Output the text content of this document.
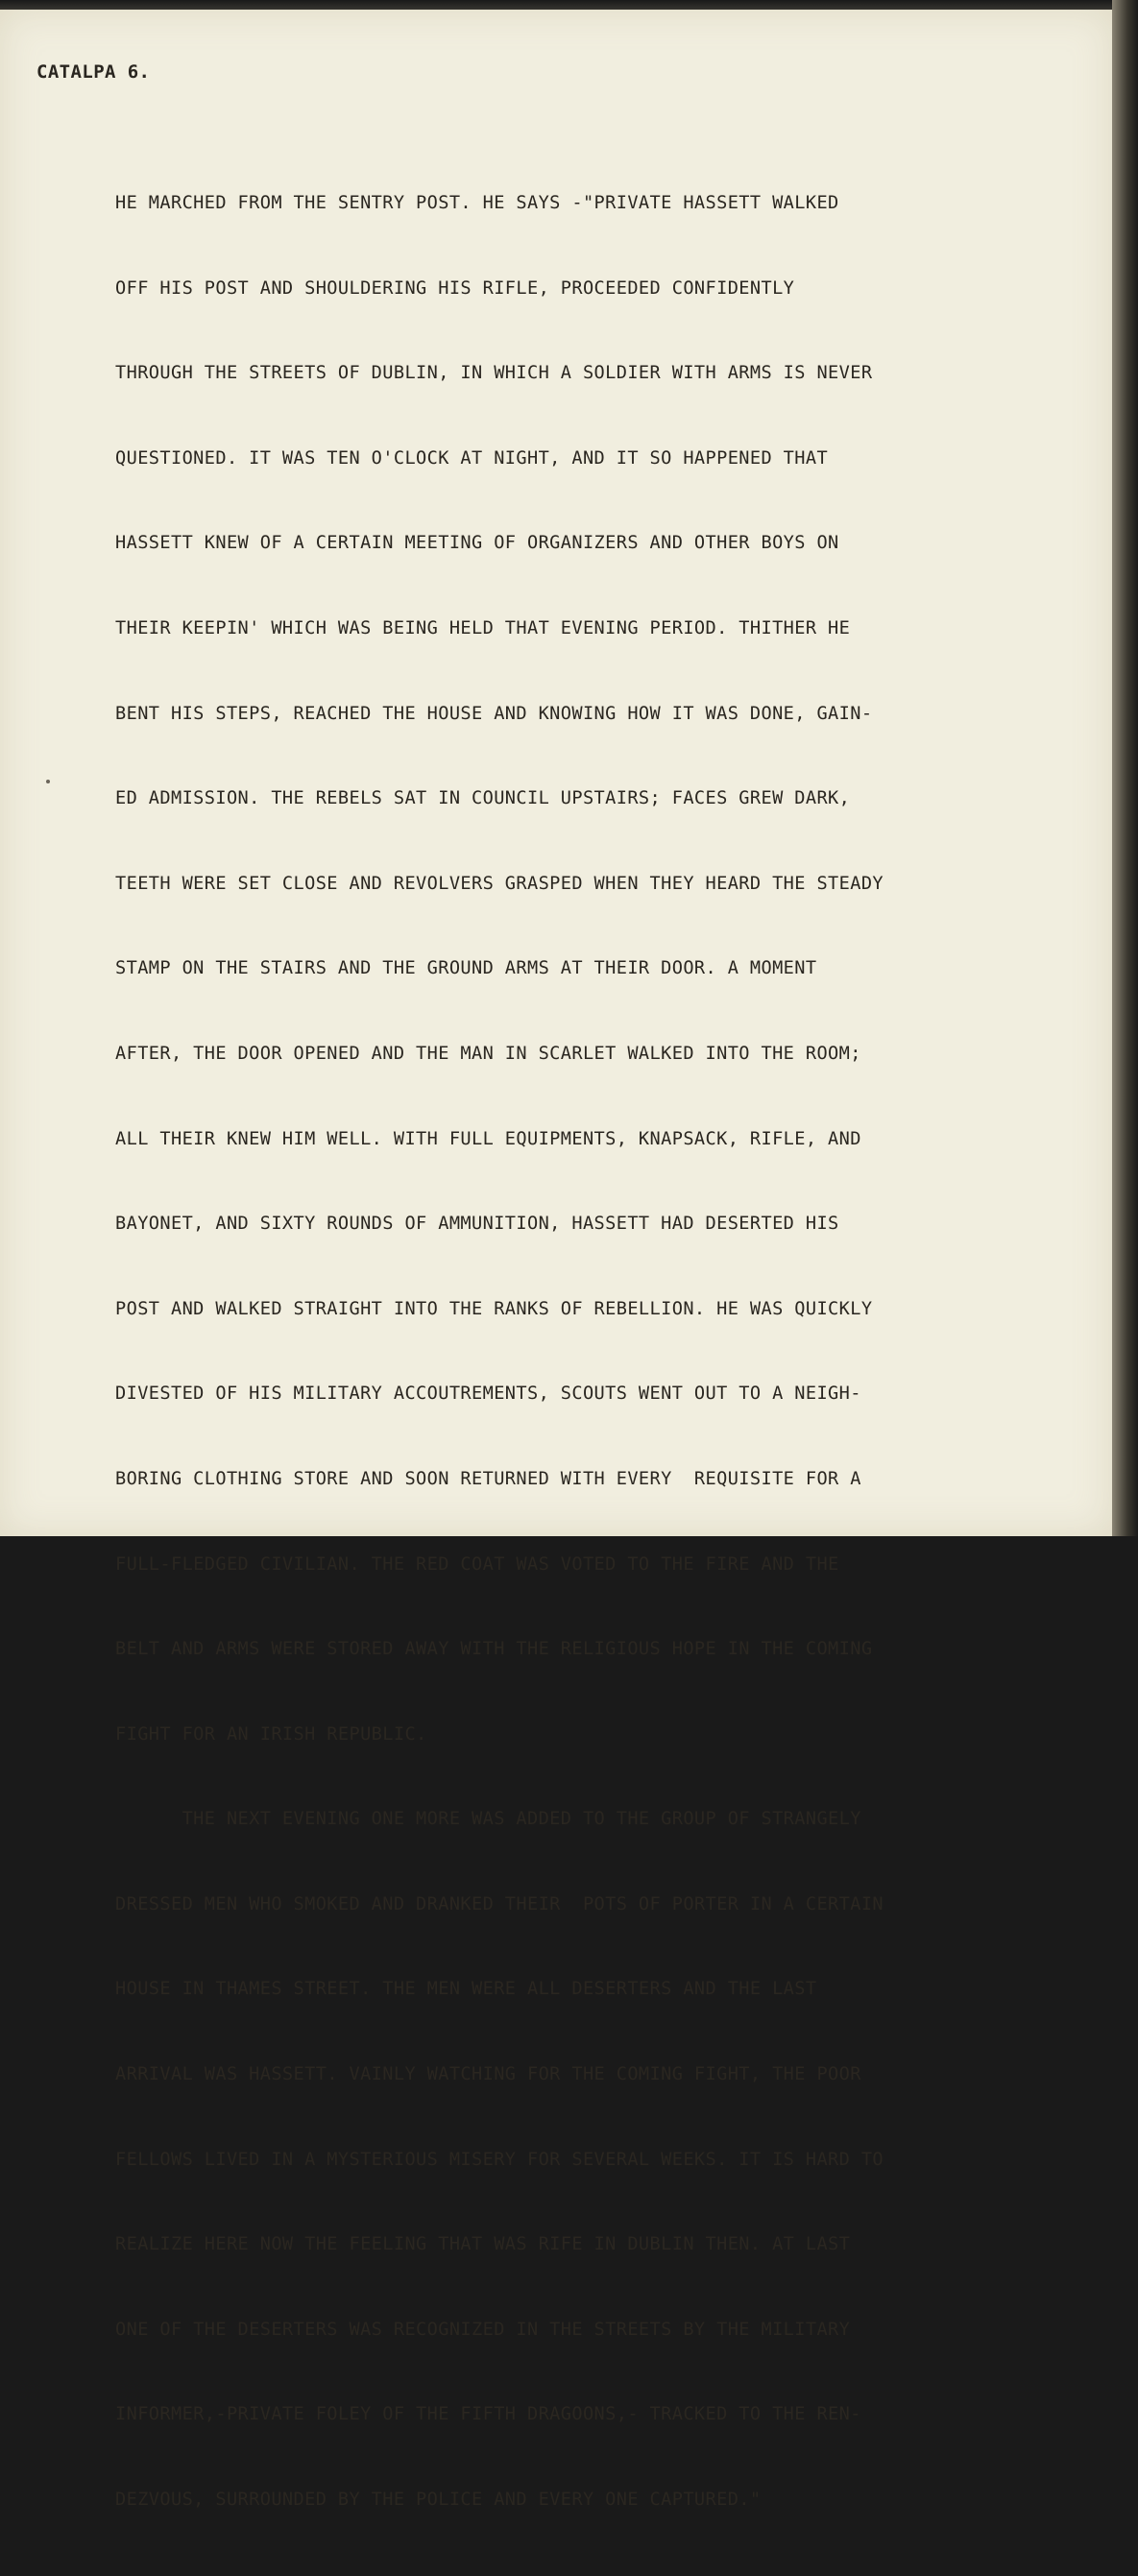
CATALPA 6.

HE MARCHED FROM THE SENTRY POST. HE SAYS -"PRIVATE HASSETT WALKED

OFF HIS POST AND SHOULDERING HIS RIFLE, PROCEEDED CONFIDENTLY

THROUGH THE STREETS OF DUBLIN, IN WHICH A SOLDIER WITH ARMS IS NEVER

QUESTIONED. IT WAS TEN O'CLOCK AT NIGHT, AND IT SO HAPPENED THAT

HASSETT KNEW OF A CERTAIN MEETING OF ORGANIZERS AND OTHER BOYS ON

THEIR KEEPIN' WHICH WAS BEING HELD THAT EVENING PERIOD. THITHER HE

BENT HIS STEPS, REACHED THE HOUSE AND KNOWING HOW IT WAS DONE, GAIN-

ED ADMISSION. THE REBELS SAT IN COUNCIL UPSTAIRS; FACES GREW DARK,

TEETH WERE SET CLOSE AND REVOLVERS GRASPED WHEN THEY HEARD THE STEADY

STAMP ON THE STAIRS AND THE GROUND ARMS AT THEIR DOOR. A MOMENT

AFTER, THE DOOR OPENED AND THE MAN IN SCARLET WALKED INTO THE ROOM;

ALL THEIR KNEW HIM WELL. WITH FULL EQUIPMENTS, KNAPSACK, RIFLE, AND

BAYONET, AND SIXTY ROUNDS OF AMMUNITION, HASSETT HAD DESERTED HIS

POST AND WALKED STRAIGHT INTO THE RANKS OF REBELLION. HE WAS QUICKLY

DIVESTED OF HIS MILITARY ACCOUTREMENTS, SCOUTS WENT OUT TO A NEIGH-

BORING CLOTHING STORE AND SOON RETURNED WITH EVERY  REQUISITE FOR A

FULL-FLEDGED CIVILIAN. THE RED COAT WAS VOTED TO THE FIRE AND THE

BELT AND ARMS WERE STORED AWAY WITH THE RELIGIOUS HOPE IN THE COMING

FIGHT FOR AN IRISH REPUBLIC.

THE NEXT EVENING ONE MORE WAS ADDED TO THE GROUP OF STRANGELY

DRESSED MEN WHO SMOKED AND DRANKED THEIR  POTS OF PORTER IN A CERTAIN

HOUSE IN THAMES STREET. THE MEN WERE ALL DESERTERS AND THE LAST

ARRIVAL WAS HASSETT. VAINLY WATCHING FOR THE COMING FIGHT, THE POOR

FELLOWS LIVED IN A MYSTERIOUS MISERY FOR SEVERAL WEEKS. IT IS HARD TO

REALIZE HERE NOW THE FEELING THAT WAS RIFE IN DUBLIN THEN. AT LAST

ONE OF THE DESERTERS WAS RECOGNIZED IN THE STREETS BY THE MILITARY

INFORMER,-PRIVATE FOLEY OF THE FIFTH DRAGOONS,- TRACKED TO THE REN-

DEZVOUS, SURROUNDED BY THE POLICE AND EVERY ONE CAPTURED."
